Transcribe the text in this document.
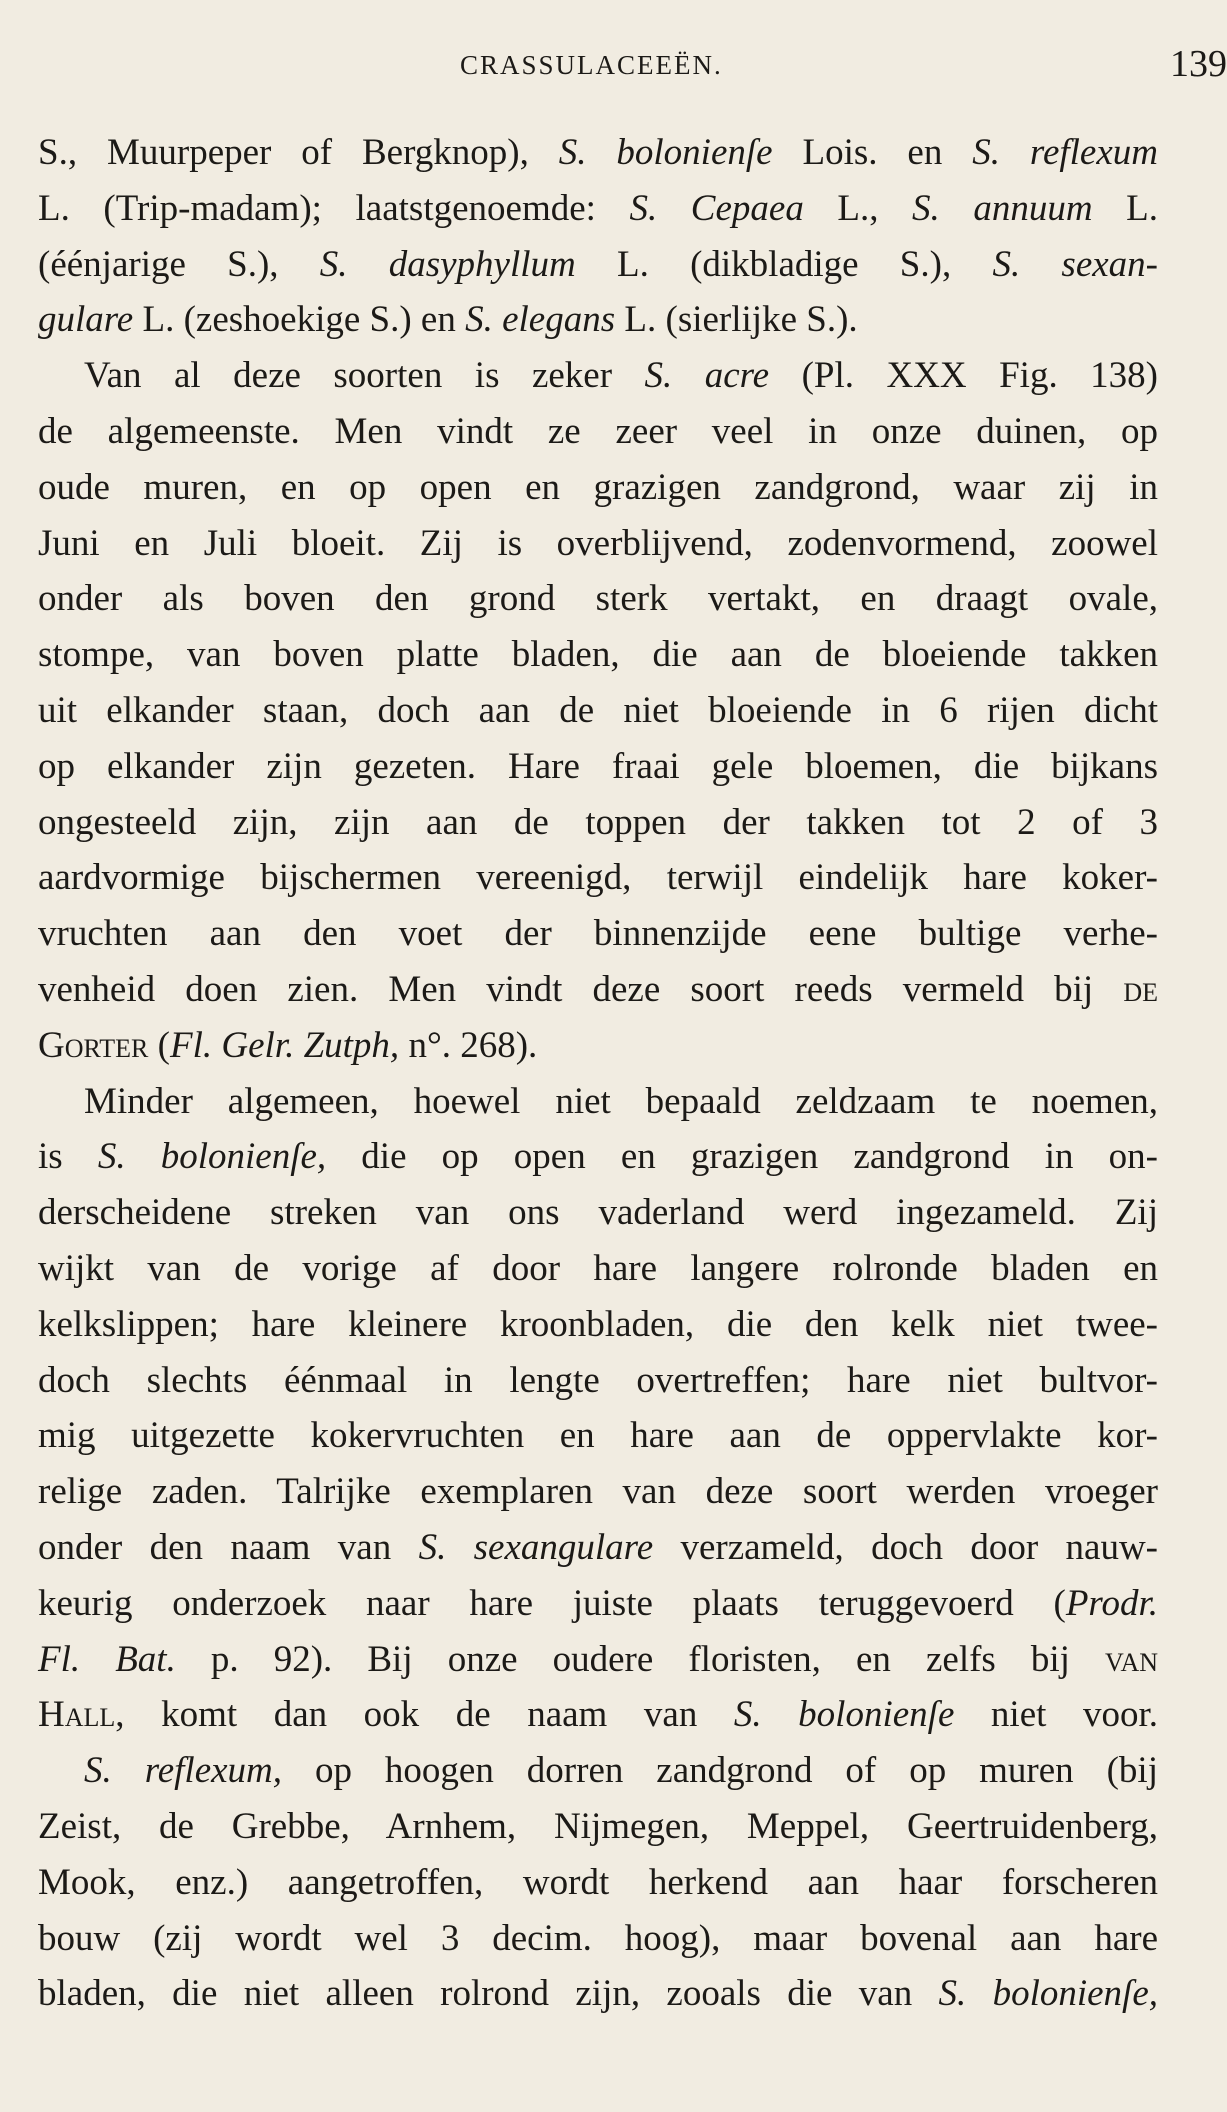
CRASSULACEEËN.	139
S., Muurpeper of Bergknop), S. bolonienſe Lois. en S. reflexum
L. (Trip-madam); laatstgenoemde: S. Cepaea L., S. annuum L.
(éénjarige S.), S. dasyphyllum L. (dikbladige S.), S. sexan-
gulare L. (zeshoekige S.) en S. elegans L. (sierlijke S.).
Van al deze soorten is zeker S. acre (Pl. XXX Fig. 138)
de algemeenste. Men vindt ze zeer veel in onze duinen, op
oude muren, en op open en grazigen zandgrond, waar zij in
Juni en Juli bloeit. Zij is overblijvend, zodenvormend, zoowel
onder als boven den grond sterk vertakt, en draagt ovale,
stompe, van boven platte bladen, die aan de bloeiende takken
uit elkander staan, doch aan de niet bloeiende in 6 rijen dicht
op elkander zijn gezeten. Hare fraai gele bloemen, die bijkans
ongesteeld zijn, zijn aan de toppen der takken tot 2 of 3
aardvormige bijschermen vereenigd, terwijl eindelijk hare koker-
vruchten aan den voet der binnenzijde eene bultige verhe-
venheid doen zien. Men vindt deze soort reeds vermeld bij de
Gorter (Fl. Gelr. Zutph, n°. 268).
Minder algemeen, hoewel niet bepaald zeldzaam te noemen,
is S. bolonienſe, die op open en grazigen zandgrond in on-
derscheidene streken van ons vaderland werd ingezameld. Zij
wijkt van de vorige af door hare langere rolronde bladen en
kelkslippen; hare kleinere kroonbladen, die den kelk niet twee-
doch slechts éénmaal in lengte overtreffen; hare niet bultvor-
mig uitgezette kokervruchten en hare aan de oppervlakte kor-
relige zaden. Talrijke exemplaren van deze soort werden vroeger
onder den naam van S. sexangulare verzameld, doch door nauw-
keurig onderzoek naar hare juiste plaats teruggevoerd (Prodr.
Fl. Bat. p. 92). Bij onze oudere floristen, en zelfs bij van
Hall, komt dan ook de naam van S. bolonienſe niet voor.
S. reflexum, op hoogen dorren zandgrond of op muren (bij
Zeist, de Grebbe, Arnhem, Nijmegen, Meppel, Geertruidenberg,
Mook, enz.) aangetroffen, wordt herkend aan haar forscheren
bouw (zij wordt wel 3 decim. hoog), maar bovenal aan hare
bladen, die niet alleen rolrond zijn, zooals die van S. bolonienſe,
